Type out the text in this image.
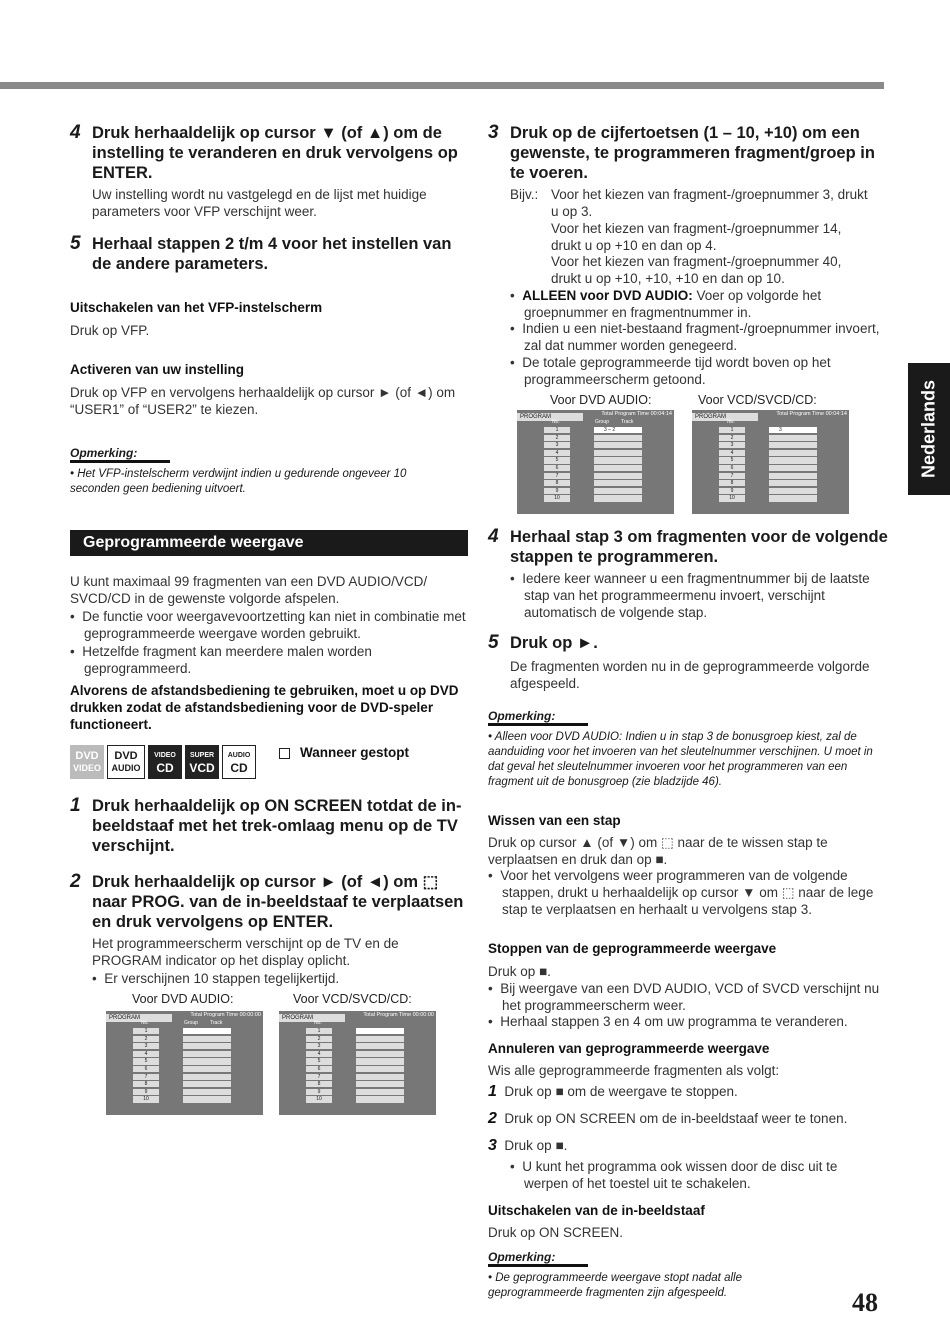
Nederlands
48
4 Druk herhaaldelijk op cursor ▼ (of ▲) om de instelling te veranderen en druk vervolgens op ENTER.
Uw instelling wordt nu vastgelegd en de lijst met huidige parameters voor VFP verschijnt weer.
5 Herhaal stappen 2 t/m 4 voor het instellen van de andere parameters.
Uitschakelen van het VFP-instelscherm
Druk op VFP.
Activeren van uw instelling
Druk op VFP en vervolgens herhaaldelijk op cursor ► (of ◄) om “USER1” of “USER2” te kiezen.
Opmerking:
• Het VFP-instelscherm verdwijnt indien u gedurende ongeveer 10 seconden geen bediening uitvoert.
Geprogrammeerde weergave
U kunt maximaal 99 fragmenten van een DVD AUDIO/VCD/ SVCD/CD in de gewenste volgorde afspelen.
•  De functie voor weergavevoortzetting kan niet in combinatie met geprogrammeerde weergave worden gebruikt.
•  Hetzelfde fragment kan meerdere malen worden geprogrammeerd.
Alvorens de afstandsbediening te gebruiken, moet u op DVD drukken zodat de afstandsbediening voor de DVD-speler functioneert.
DVD
VIDEO
DVD
AUDIO
VIDEO
CD
SUPER
VCD
AUDIO
CD
Wanneer gestopt
1 Druk herhaaldelijk op ON SCREEN totdat de in-beeldstaaf met het trek-omlaag menu op de TV verschijnt.
2 Druk herhaaldelijk op cursor ► (of ◄) om ⬚ naar PROG. van de in-beeldstaaf te verplaatsen en druk vervolgens op ENTER.
Het programmeerscherm verschijnt op de TV en de PROGRAM indicator op het display oplicht.
•  Er verschijnen 10 stappen tegelijkertijd.
Voor DVD AUDIO:	Voor VCD/SVCD/CD:
PROGRAM	Total Program Time 00:00:00
No.	Group Track
1
2
3
4
5
6
7
8
9
10
PROGRAM	Total Program Time 00:00:00
No.
1
2
3
4
5
6
7
8
9
10
3 Druk op de cijfertoetsen (1 – 10, +10) om een gewenste, te programmeren fragment/groep in te voeren.
Bijv.: Voor het kiezen van fragment-/groepnummer 3, drukt u op 3.
Voor het kiezen van fragment-/groepnummer 14, drukt u op +10 en dan op 4.
Voor het kiezen van fragment-/groepnummer 40, drukt u op +10, +10, +10 en dan op 10.
•  ALLEEN voor DVD AUDIO: Voer op volgorde het groepnummer en fragmentnummer in.
•  Indien u een niet-bestaand fragment-/groepnummer invoert, zal dat nummer worden genegeerd.
•  De totale geprogrammeerde tijd wordt boven op het programmeerscherm getoond.
Voor DVD AUDIO:	Voor VCD/SVCD/CD:
PROGRAM	Total Program Time 00:04:14
No.	Group Track
1	3 – 2
2
3
4
5
6
7
8
9
10
PROGRAM	Total Program Time 00:04:14
No.
1	3
2
3
4
5
6
7
8
9
10
4 Herhaal stap 3 om fragmenten voor de volgende stappen te programmeren.
•  Iedere keer wanneer u een fragmentnummer bij de laatste stap van het programmeermenu invoert, verschijnt automatisch de volgende stap.
5 Druk op ►.
De fragmenten worden nu in de geprogrammeerde volgorde afgespeeld.
Opmerking:
• Alleen voor DVD AUDIO: Indien u in stap 3 de bonusgroep kiest, zal de aanduiding voor het invoeren van het sleutelnummer verschijnen. U moet in dat geval het sleutelnummer invoeren voor het programmeren van een fragment uit de bonusgroep (zie bladzijde 46).
Wissen van een stap
Druk op cursor ▲ (of ▼) om ⬚ naar de te wissen stap te verplaatsen en druk dan op ■.
•  Voor het vervolgens weer programmeren van de volgende stappen, drukt u herhaaldelijk op cursor ▼ om ⬚ naar de lege stap te verplaatsen en herhaalt u vervolgens stap 3.
Stoppen van de geprogrammeerde weergave
Druk op ■.
•  Bij weergave van een DVD AUDIO, VCD of SVCD verschijnt nu het programmeerscherm weer.
•  Herhaal stappen 3 en 4 om uw programma te veranderen.
Annuleren van geprogrammeerde weergave
Wis alle geprogrammeerde fragmenten als volgt:
1 Druk op ■ om de weergave te stoppen.
2 Druk op ON SCREEN om de in-beeldstaaf weer te tonen.
3 Druk op ■.
•  U kunt het programma ook wissen door de disc uit te werpen of het toestel uit te schakelen.
Uitschakelen van de in-beeldstaaf
Druk op ON SCREEN.
Opmerking:
• De geprogrammeerde weergave stopt nadat alle geprogrammeerde fragmenten zijn afgespeeld.
